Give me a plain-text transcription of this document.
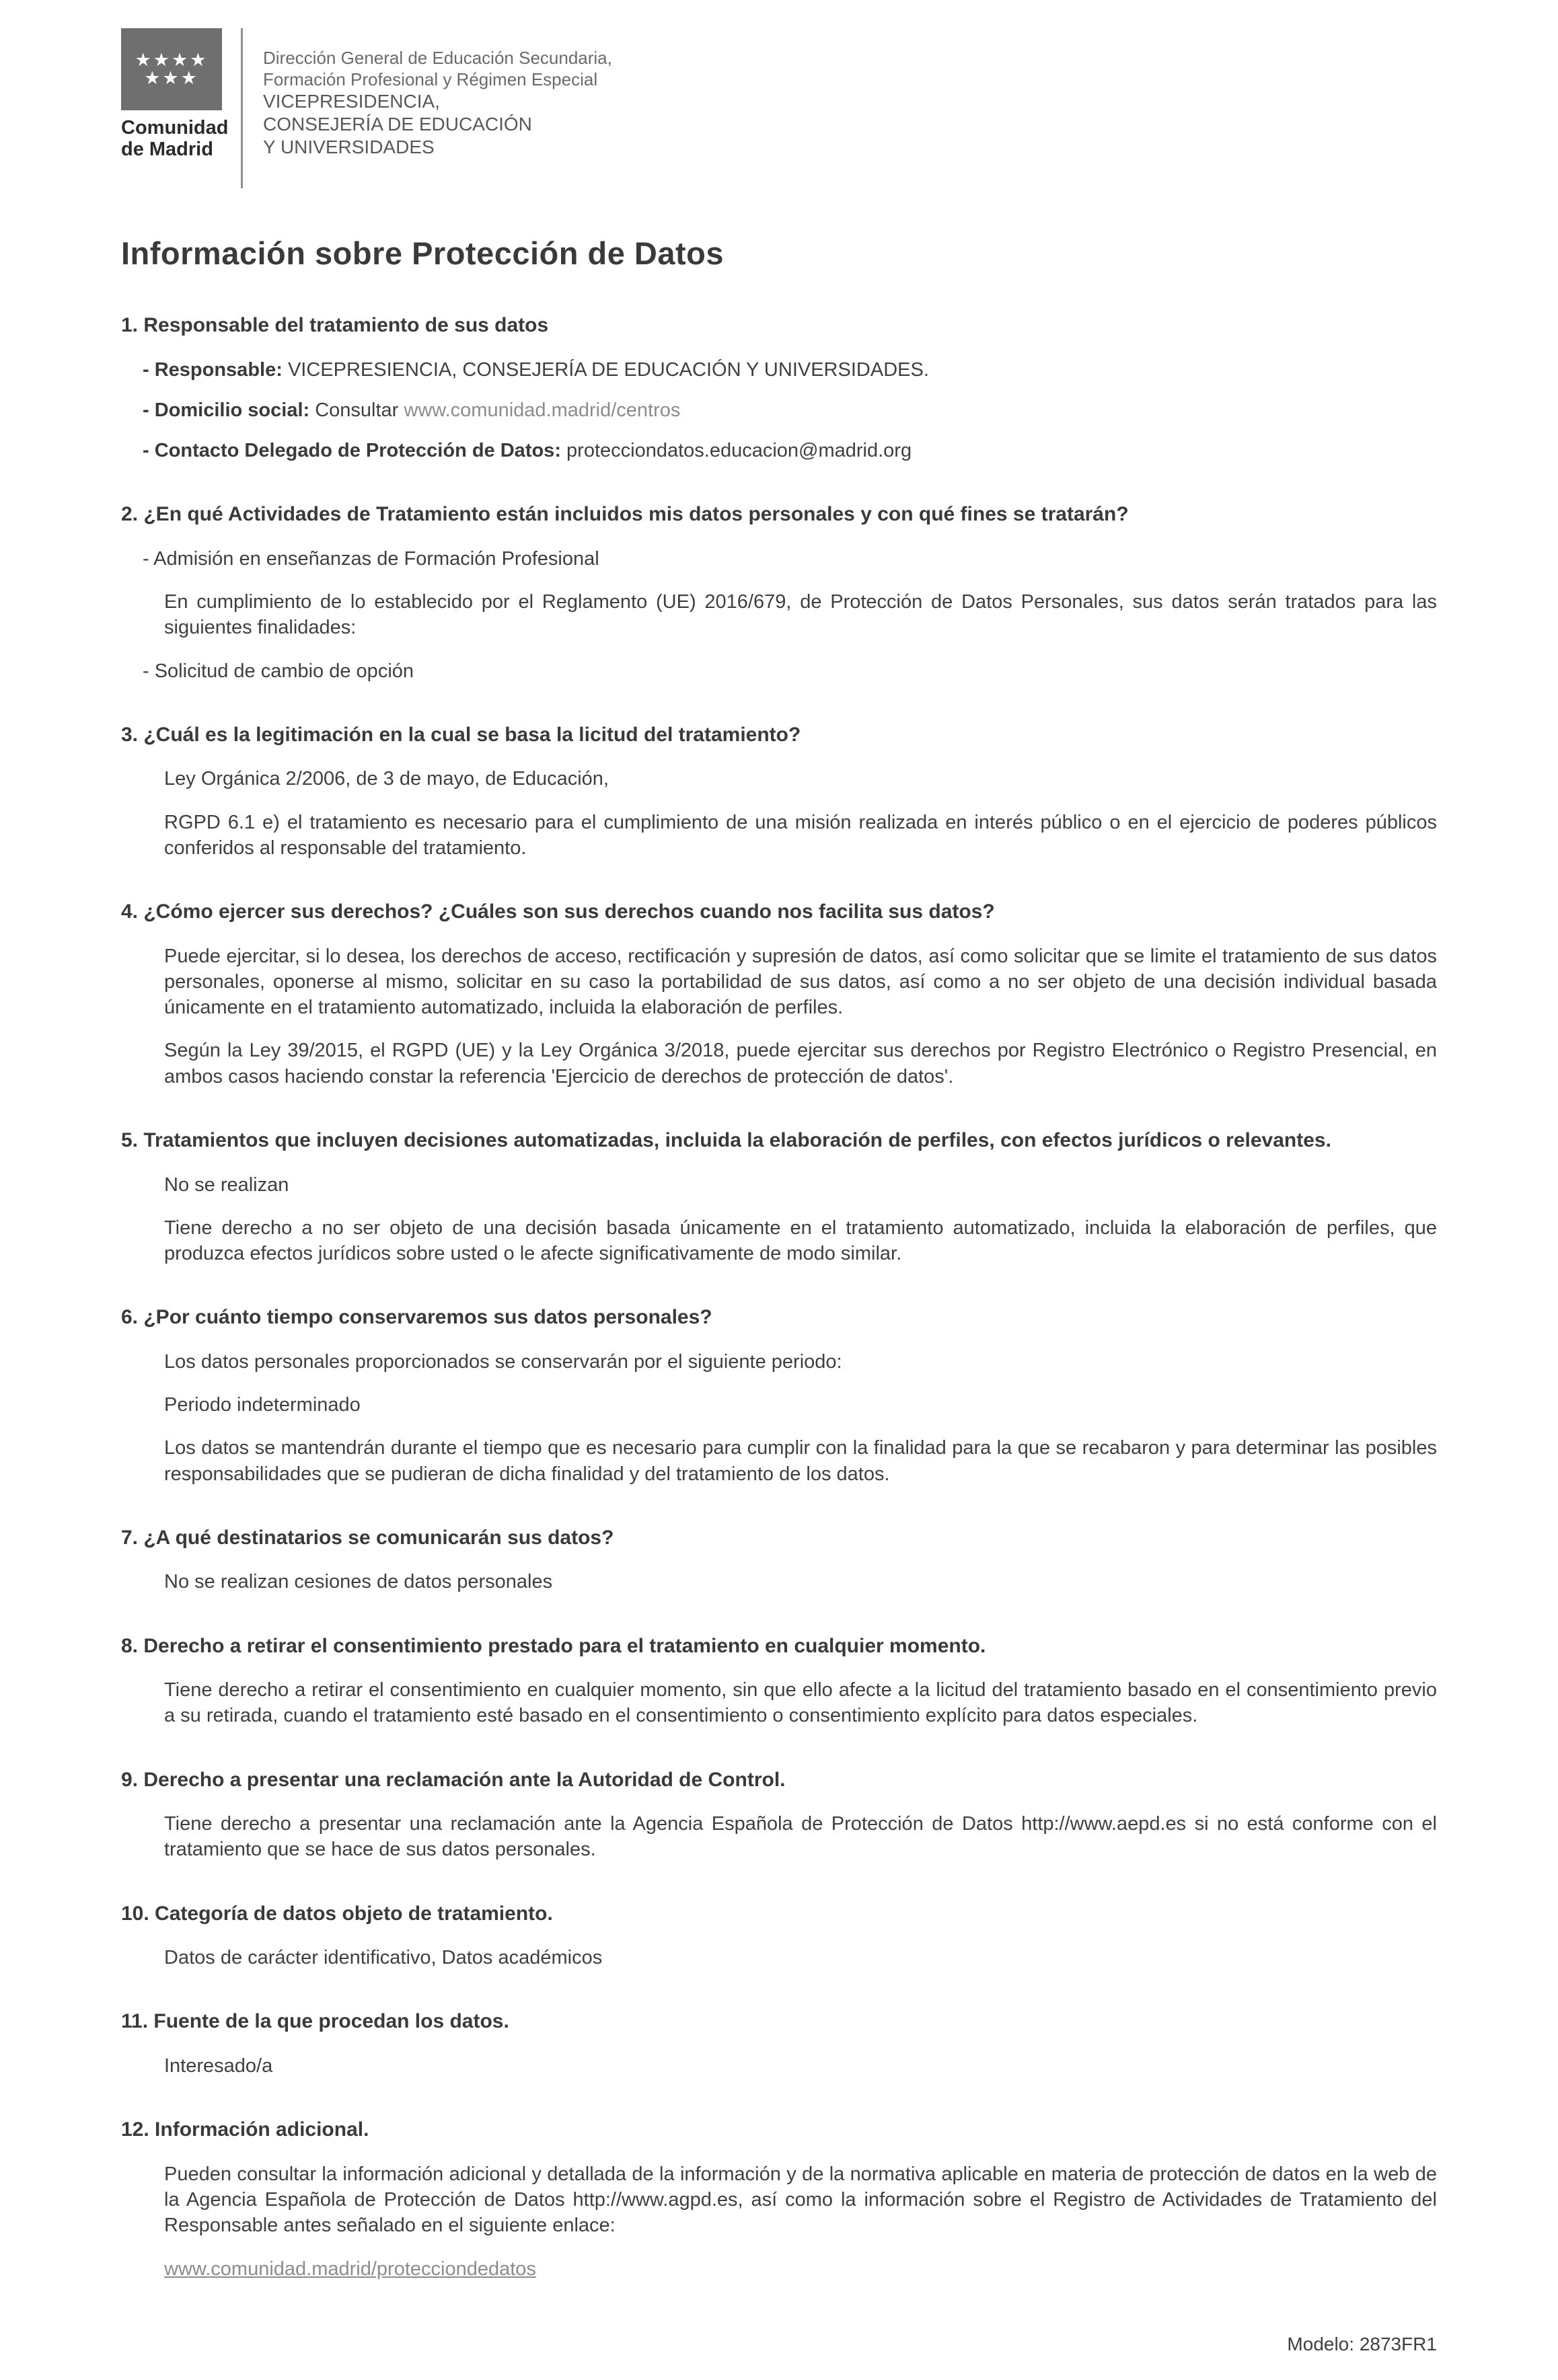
★★★★
★★★
Comunidad
de Madrid
Dirección General de Educación Secundaria,
Formación Profesional y Régimen Especial
VICEPRESIDENCIA,
CONSEJERÍA DE EDUCACIÓN
Y UNIVERSIDADES
Información sobre Protección de Datos
1. Responsable del tratamiento de sus datos

- Responsable: VICEPRESIENCIA, CONSEJERÍA DE EDUCACIÓN Y UNIVERSIDADES.

- Domicilio social: Consultar www.comunidad.madrid/centros

- Contacto Delegado de Protección de Datos: protecciondatos.educacion@madrid.org

2. ¿En qué Actividades de Tratamiento están incluidos mis datos personales y con qué fines se tratarán?

- Admisión en enseñanzas de Formación Profesional

En cumplimiento de lo establecido por el Reglamento (UE) 2016/679, de Protección de Datos Personales, sus datos serán tratados para las siguientes finalidades:

- Solicitud de cambio de opción

3. ¿Cuál es la legitimación en la cual se basa la licitud del tratamiento?

Ley Orgánica 2/2006, de 3 de mayo, de Educación,

RGPD 6.1 e) el tratamiento es necesario para el cumplimiento de una misión realizada en interés público o en el ejercicio de poderes públicos conferidos al responsable del tratamiento.

4. ¿Cómo ejercer sus derechos? ¿Cuáles son sus derechos cuando nos facilita sus datos?

Puede ejercitar, si lo desea, los derechos de acceso, rectificación y supresión de datos, así como solicitar que se limite el tratamiento de sus datos personales, oponerse al mismo, solicitar en su caso la portabilidad de sus datos, así como a no ser objeto de una decisión individual basada únicamente en el tratamiento automatizado, incluida la elaboración de perfiles.

Según la Ley 39/2015, el RGPD (UE) y la Ley Orgánica 3/2018, puede ejercitar sus derechos por Registro Electrónico o Registro Presencial, en ambos casos haciendo constar la referencia 'Ejercicio de derechos de protección de datos'.

5. Tratamientos que incluyen decisiones automatizadas, incluida la elaboración de perfiles, con efectos jurídicos o relevantes.

No se realizan

Tiene derecho a no ser objeto de una decisión basada únicamente en el tratamiento automatizado, incluida la elaboración de perfiles, que produzca efectos jurídicos sobre usted o le afecte significativamente de modo similar.

6. ¿Por cuánto tiempo conservaremos sus datos personales?

Los datos personales proporcionados se conservarán por el siguiente periodo:

Periodo indeterminado

Los datos se mantendrán durante el tiempo que es necesario para cumplir con la finalidad para la que se recabaron y para determinar las posibles responsabilidades que se pudieran de dicha finalidad y del tratamiento de los datos.

7. ¿A qué destinatarios se comunicarán sus datos?

No se realizan cesiones de datos personales

8. Derecho a retirar el consentimiento prestado para el tratamiento en cualquier momento.

Tiene derecho a retirar el consentimiento en cualquier momento, sin que ello afecte a la licitud del tratamiento basado en el consentimiento previo a su retirada, cuando el tratamiento esté basado en el consentimiento o consentimiento explícito para datos especiales.

9. Derecho a presentar una reclamación ante la Autoridad de Control.

Tiene derecho a presentar una reclamación ante la Agencia Española de Protección de Datos http://www.aepd.es si no está conforme con el tratamiento que se hace de sus datos personales.

10. Categoría de datos objeto de tratamiento.

Datos de carácter identificativo, Datos académicos

11. Fuente de la que procedan los datos.

Interesado/a

12. Información adicional.

Pueden consultar la información adicional y detallada de la información y de la normativa aplicable en materia de protección de datos en la web de la Agencia Española de Protección de Datos http://www.agpd.es, así como la información sobre el Registro de Actividades de Tratamiento del Responsable antes señalado en el siguiente enlace:

www.comunidad.madrid/protecciondedatos

Modelo: 2873FR1
